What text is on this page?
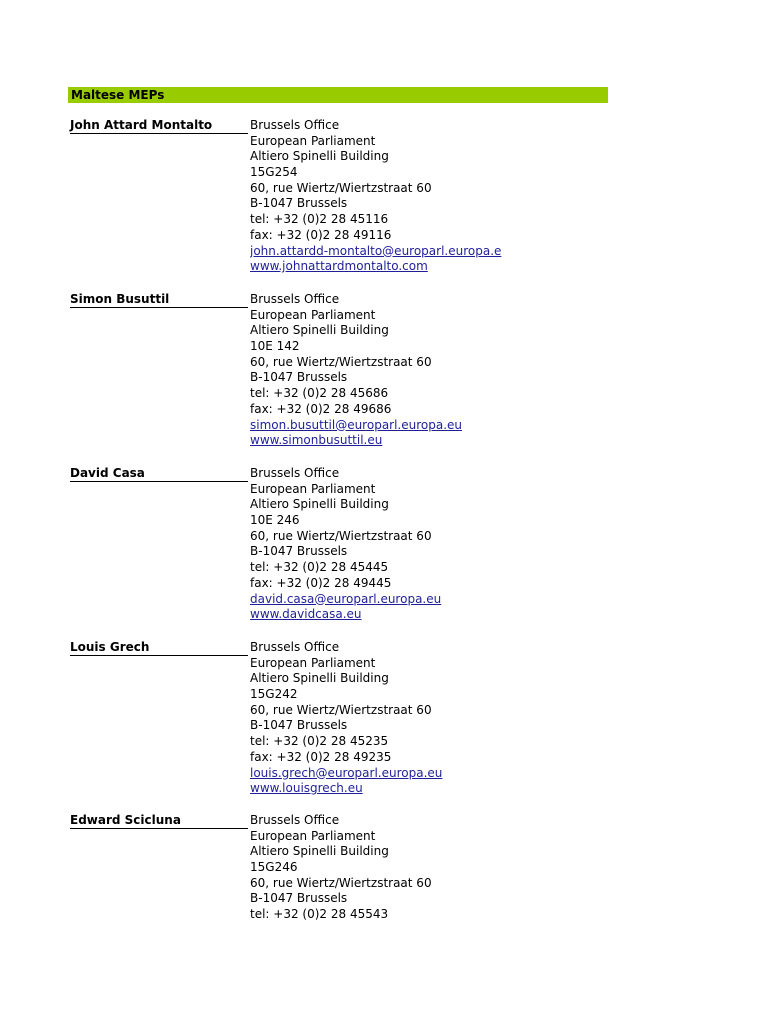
Maltese MEPs
John Attard Montalto	Brussels Office
European Parliament
Altiero Spinelli Building
15G254
60, rue Wiertz/Wiertzstraat 60
B-1047 Brussels
tel: +32 (0)2 28 45116
fax: +32 (0)2 28 49116
john.attardd-montalto@europarl.europa.e
www.johnattardmontalto.com
Simon Busuttil	Brussels Office
European Parliament
Altiero Spinelli Building
10E 142
60, rue Wiertz/Wiertzstraat 60
B-1047 Brussels
tel: +32 (0)2 28 45686
fax: +32 (0)2 28 49686
simon.busuttil@europarl.europa.eu
www.simonbusuttil.eu
David Casa	Brussels Office
European Parliament
Altiero Spinelli Building
10E 246
60, rue Wiertz/Wiertzstraat 60
B-1047 Brussels
tel: +32 (0)2 28 45445
fax: +32 (0)2 28 49445
david.casa@europarl.europa.eu
www.davidcasa.eu
Louis Grech	Brussels Office
European Parliament
Altiero Spinelli Building
15G242
60, rue Wiertz/Wiertzstraat 60
B-1047 Brussels
tel: +32 (0)2 28 45235
fax: +32 (0)2 28 49235
louis.grech@europarl.europa.eu
www.louisgrech.eu
Edward Scicluna	Brussels Office
European Parliament
Altiero Spinelli Building
15G246
60, rue Wiertz/Wiertzstraat 60
B-1047 Brussels
tel: +32 (0)2 28 45543
